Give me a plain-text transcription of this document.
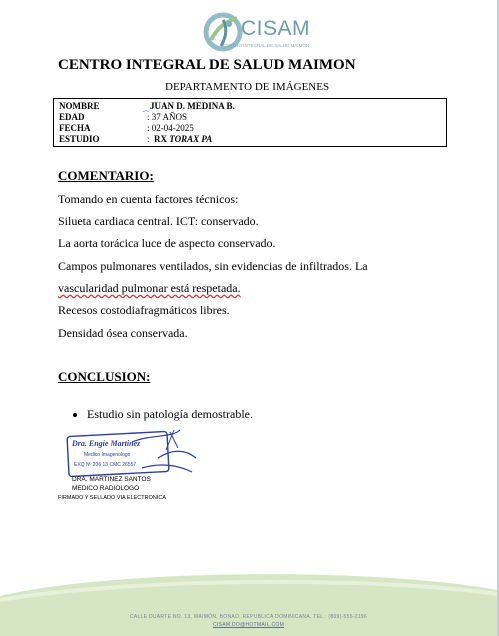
CISAM
CENTRO INTEGRAL DE SALUD MAIMON
CENTRO INTEGRAL DE SALUD MAIMON
DEPARTAMENTO DE IMÁGENES
NOMBRE	⁔ JUAN D. MEDINA B.
EDAD	: 37 AÑOS
FECHA	: 02-04-2025
ESTUDIO	: RX TORAX PA
COMENTARIO:
Tomando en cuenta factores técnicos:
Silueta cardiaca central. ICT: conservado.
La aorta torácica luce de aspecto conservado.
Campos pulmonares ventilados, sin evidencias de infiltrados. La
vascularidad pulmonar está respetada.
Recesos costodiafragmáticos libres.
Densidad ósea conservada.
CONCLUSION:
Estudio sin patología demostrable.
Dra. Engie Martinez
Medico Imagenologo
EXQ Nº 206 13 CMC 26557
DRA. MARTINEZ SANTOS
MEDICO RADIOLOGO
FIRMADO Y SELLADO VIA ELECTRONICA
CALLE DUARTE NO. 13, MAIMÓN, BONAO, REPUBLICA DOMINICANA, TEL.: (809)-555-2196
CISAM.DO@HOTMAIL.COM
